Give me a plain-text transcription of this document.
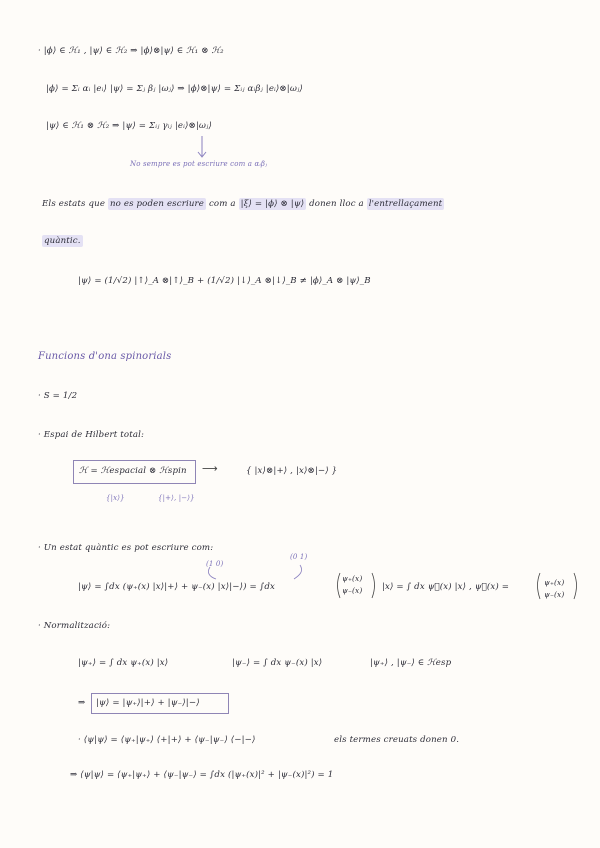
· |ϕ⟩ ∈ ℋ₁ , |ψ⟩ ∈ ℋ₂ ⇒ |ϕ⟩⊗|ψ⟩ ∈ ℋ₁ ⊗ ℋ₂
|ϕ⟩ = Σᵢ αᵢ |eᵢ⟩ |ψ⟩ = Σⱼ βⱼ |ωⱼ⟩ ⇒ |ϕ⟩⊗|ψ⟩ = Σᵢⱼ αᵢβⱼ |eᵢ⟩⊗|ωⱼ⟩
|ψ⟩ ∈ ℋ₁ ⊗ ℋ₂ ⇒ |ψ⟩ = Σᵢⱼ γᵢⱼ |eᵢ⟩⊗|ωⱼ⟩
No sempre es pot escriure com a αᵢβⱼ
Els estats que no es poden escriure com a |ξ⟩ = |ϕ⟩ ⊗ |ψ⟩ donen lloc a l'entrellaçament
quàntic.
|ψ⟩ = (1/√2) |↑⟩_A ⊗|↑⟩_B + (1/√2) |↓⟩_A ⊗|↓⟩_B ≠ |ϕ⟩_A ⊗ |ψ⟩_B
Funcions d'ona spinorials
· S = 1/2
· Espai de Hilbert total:
ℋ = ℋespacial ⊗ ℋspin ⟶	{ |x⟩⊗|+⟩ , |x⟩⊗|−⟩ }
{|x⟩}	{|+⟩, |−⟩}
· Un estat quàntic es pot escriure com:
(1 0)
(0 1)
|ψ⟩ = ∫dx (ψ₊(x) |x⟩|+⟩ + ψ₋(x) |x⟩|−⟩) = ∫dx
ψ₊(x)
ψ₋(x) |x⟩ = ∫ dx ψ⃗(x) |x⟩ , ψ⃗(x) =	ψ₊(x)
ψ₋(x)
· Normalització:
|ψ₊⟩ = ∫ dx ψ₊(x) |x⟩	|ψ₋⟩ = ∫ dx ψ₋(x) |x⟩	|ψ₊⟩ , |ψ₋⟩ ∈ ℋesp
⇒ |ψ⟩ = |ψ₊⟩|+⟩ + |ψ₋⟩|−⟩
· ⟨ψ|ψ⟩ = ⟨ψ₊|ψ₊⟩ ⟨+|+⟩ + ⟨ψ₋|ψ₋⟩ ⟨−|−⟩	els termes creuats donen 0.
⇒ ⟨ψ|ψ⟩ = ⟨ψ₊|ψ₊⟩ + ⟨ψ₋|ψ₋⟩ = ∫dx (|ψ₊(x)|² + |ψ₋(x)|²) = 1
